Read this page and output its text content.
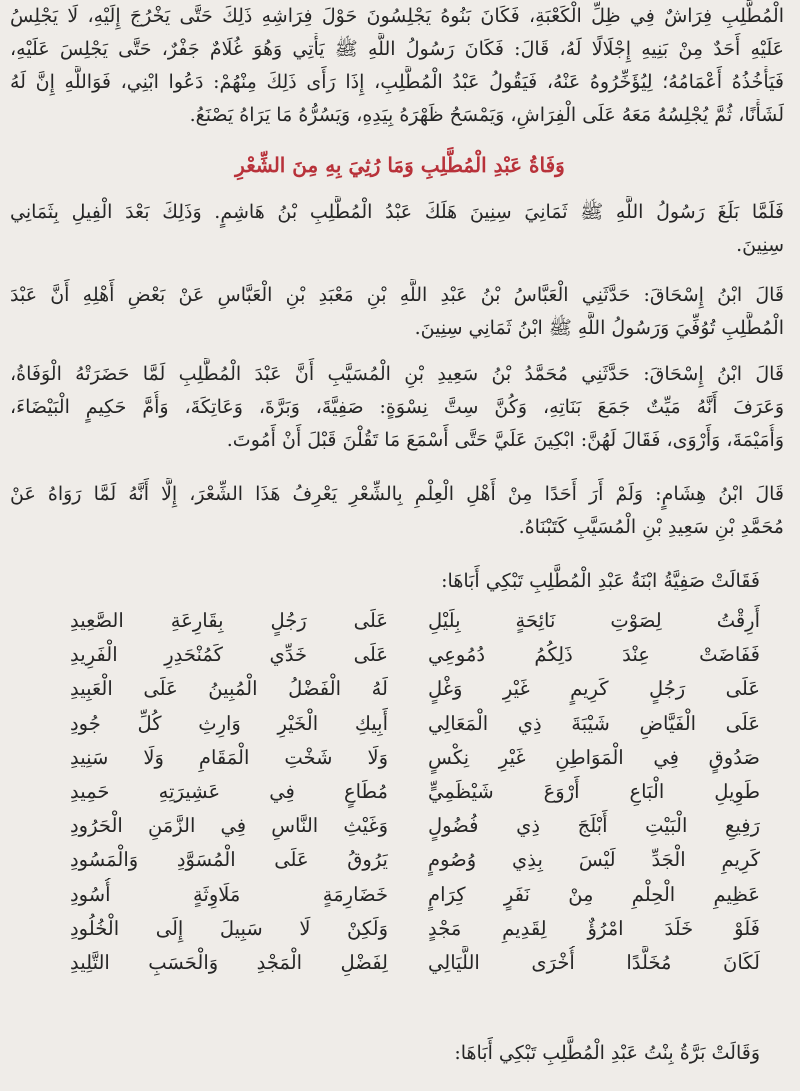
الْمُطَّلِبِ فِرَاشٌ فِي ظِلِّ الْكَعْبَةِ، فَكَانَ بَنُوهُ يَجْلِسُونَ حَوْلَ فِرَاشِهِ ذَلِكَ حَتَّى يَخْرُجَ إِلَيْهِ، لَا يَجْلِسُ
عَلَيْهِ أَحَدٌ مِنْ بَنِيهِ إِجْلَالًا لَهُ، قَالَ: فَكَانَ رَسُولُ اللَّهِ ﷺ يَأْتِي وَهُوَ غُلَامٌ جَفْرٌ، حَتَّى يَجْلِسَ عَلَيْهِ،
فَيَأْخُذُهُ أَعْمَامُهُ؛ لِيُؤَخِّرُوهُ عَنْهُ، فَيَقُولُ عَبْدُ الْمُطَّلِبِ، إِذَا رَأَى ذَلِكَ مِنْهُمْ: دَعُوا ابْنِي، فَوَاللَّهِ إِنَّ لَهُ
لَشَأْنًا، ثُمَّ يُجْلِسُهُ مَعَهُ عَلَى الْفِرَاشِ، وَيَمْسَحُ ظَهْرَهُ بِيَدِهِ، وَيَسُرُّهُ مَا يَرَاهُ يَصْنَعُ.
وَفَاةُ عَبْدِ الْمُطَّلِبِ وَمَا رُثِيَ بِهِ مِنَ الشِّعْرِ
فَلَمَّا بَلَغَ رَسُولُ اللَّهِ ﷺ ثَمَانِيَ سِنِينَ هَلَكَ عَبْدُ الْمُطَّلِبِ بْنُ هَاشِمٍ. وَذَلِكَ بَعْدَ الْفِيلِ بِثَمَانِي
سِنِينَ.
قَالَ ابْنُ إِسْحَاقَ: حَدَّثَنِي الْعَبَّاسُ بْنُ عَبْدِ اللَّهِ بْنِ مَعْبَدِ بْنِ الْعَبَّاسِ عَنْ بَعْضِ أَهْلِهِ أَنَّ عَبْدَ
الْمُطَّلِبِ تُوُفِّيَ وَرَسُولُ اللَّهِ ﷺ ابْنُ ثَمَانِي سِنِينَ.
قَالَ ابْنُ إِسْحَاقَ: حَدَّثَنِي مُحَمَّدُ بْنُ سَعِيدِ بْنِ الْمُسَيَّبِ أَنَّ عَبْدَ الْمُطَّلِبِ لَمَّا حَضَرَتْهُ الْوَفَاةُ،
وَعَرَفَ أَنَّهُ مَيِّتٌ جَمَعَ بَنَاتِهِ، وَكُنَّ سِتَّ نِسْوَةٍ: صَفِيَّةَ، وَبَرَّةَ، وَعَاتِكَةَ، وَأُمَّ حَكِيمٍ الْبَيْضَاءَ،
وَأُمَيْمَةَ، وَأَرْوَى، فَقَالَ لَهُنَّ: ابْكِينَ عَلَيَّ حَتَّى أَسْمَعَ مَا تَقُلْنَ قَبْلَ أَنْ أَمُوتَ.
قَالَ ابْنُ هِشَامٍ: وَلَمْ أَرَ أَحَدًا مِنْ أَهْلِ الْعِلْمِ بِالشِّعْرِ يَعْرِفُ هَذَا الشِّعْرَ، إِلَّا أَنَّهُ لَمَّا رَوَاهُ عَنْ
مُحَمَّدِ بْنِ سَعِيدِ بْنِ الْمُسَيَّبِ كَتَبْنَاهُ.
فَقَالَتْ صَفِيَّةُ ابْنَةُ عَبْدِ الْمُطَّلِبِ تَبْكِي أَبَاهَا:
أَرِقْتُ لِصَوْتِ نَائِحَةٍ بِلَيْلِ
فَفَاضَتْ عِنْدَ ذَلِكُمُ دُمُوعِي
عَلَى رَجُلٍ كَرِيمٍ غَيْرِ وَغْلٍ
عَلَى الْفَيَّاضِ شَيْبَةَ ذِي الْمَعَالِي
صَدُوقٍ فِي الْمَوَاطِنِ غَيْرِ نِكْسٍ
طَوِيلِ الْبَاعِ أَرْوَعَ شَيْظَمِيٍّ
رَفِيعِ الْبَيْتِ أَبْلَجَ ذِي فُضُولٍ
كَرِيمِ الْجَدِّ لَيْسَ بِذِي وُصُومٍ
عَظِيمِ الْحِلْمِ مِنْ نَفَرٍ كِرَامٍ
فَلَوْ خَلَدَ امْرُؤٌ لِقَدِيمِ مَجْدٍ
لَكَانَ مُخَلَّدًا أُخْرَى اللَّيَالِي
عَلَى رَجُلٍ بِقَارِعَةِ الصَّعِيدِ
عَلَى خَدِّي كَمُنْحَدِرِ الْفَرِيدِ
لَهُ الْفَضْلُ الْمُبِينُ عَلَى الْعَبِيدِ
أَبِيكِ الْخَيْرِ وَارِثِ كُلِّ جُودِ
وَلَا شَخْتِ الْمَقَامِ وَلَا سَنِيدِ
مُطَاعٍ فِي عَشِيرَتِهِ حَمِيدِ
وَغَيْثِ النَّاسِ فِي الزَّمَنِ الْحَرُودِ
يَرُوقُ عَلَى الْمُسَوَّدِ وَالْمَسُودِ
خَضَارِمَةٍ مَلَاوِثَةٍ أُسُودِ
وَلَكِنْ لَا سَبِيلَ إِلَى الْخُلُودِ
لِفَضْلِ الْمَجْدِ وَالْحَسَبِ التَّلِيدِ
وَقَالَتْ بَرَّةُ بِنْتُ عَبْدِ الْمُطَّلِبِ تَبْكِي أَبَاهَا:
